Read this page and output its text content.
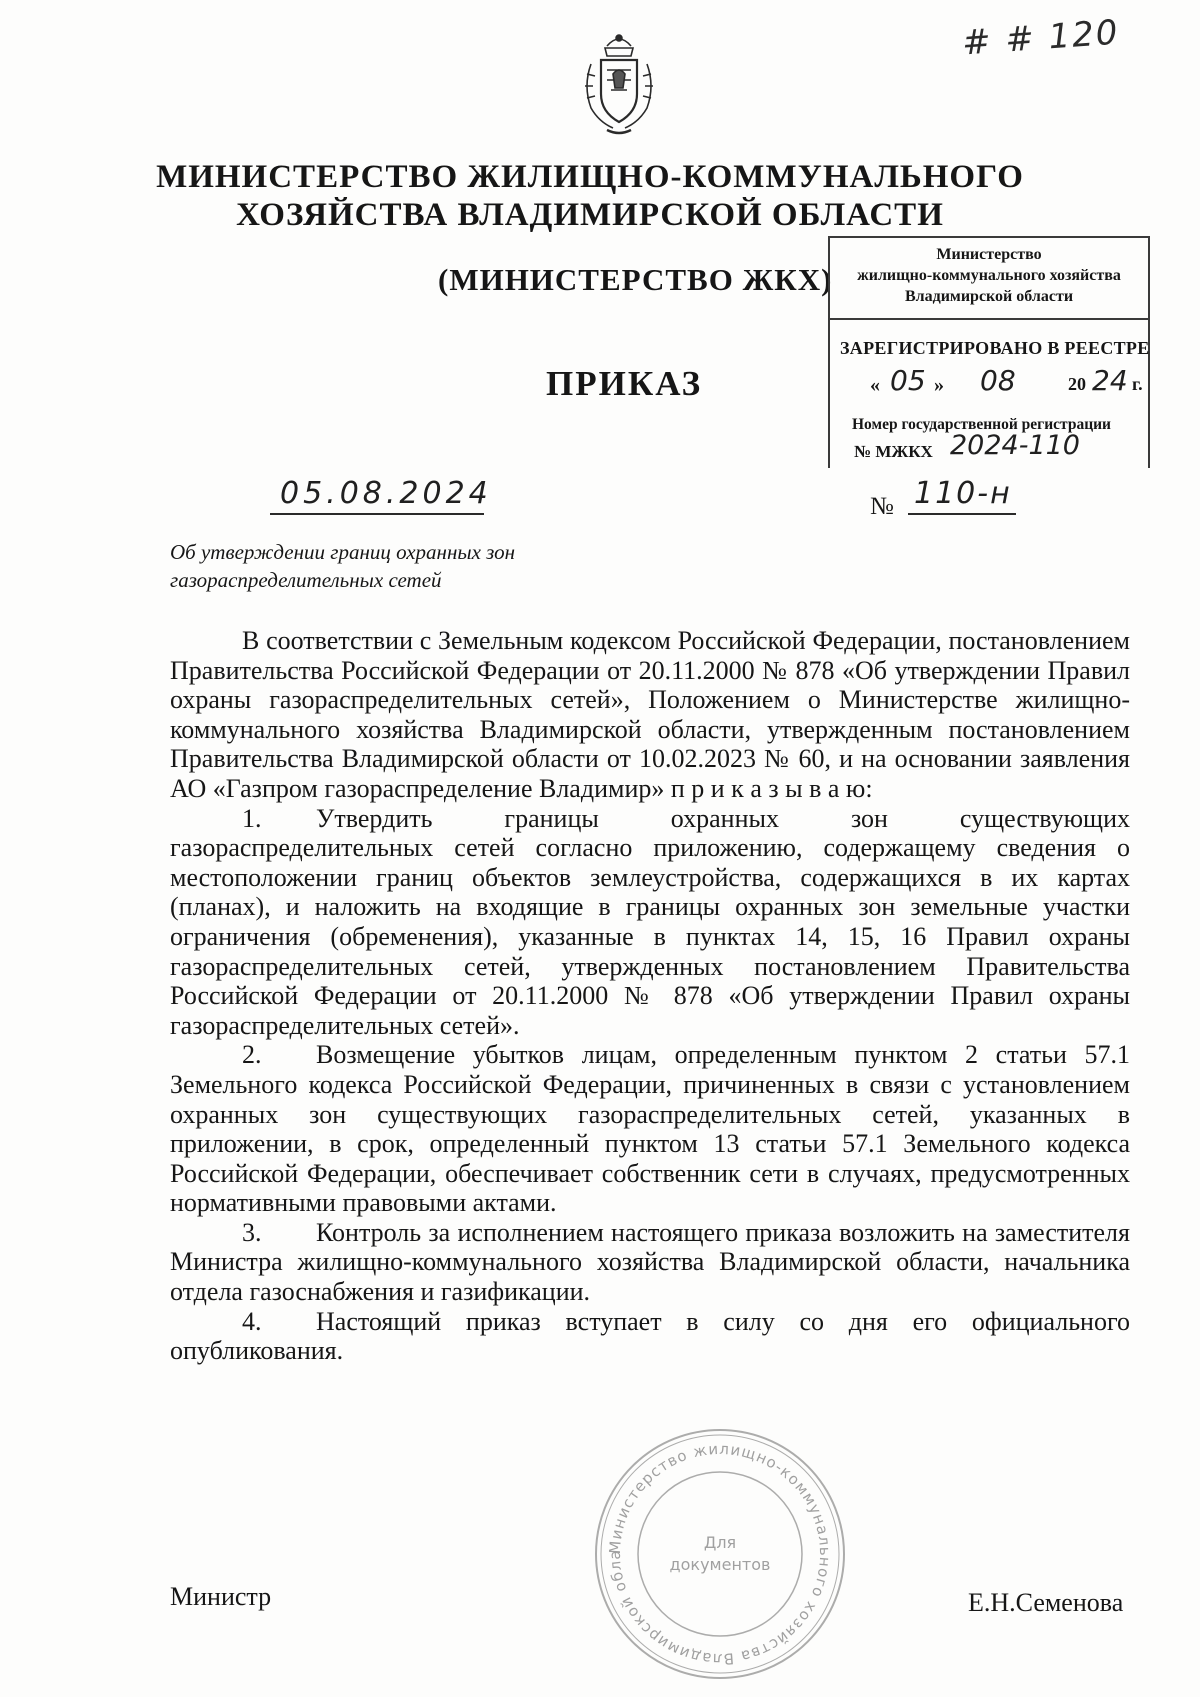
# # 120
МИНИСТЕРСТВО ЖИЛИЩНО-КОММУНАЛЬНОГО
ХОЗЯЙСТВА ВЛАДИМИРСКОЙ ОБЛАСТИ
(МИНИСТЕРСТВО ЖКХ)
ПРИКАЗ
Министерство
жилищно-коммунального хозяйства
Владимирской области
ЗАРЕГИСТРИРОВАНО В РЕЕСТРЕ
« 05 » 08	20 24 г.
Номер государственной регистрации
№ МЖКХ 2024-110
05.08.2024	№ 110-н
Об утверждении границ охранных зон
газораспределительных сетей

В соответствии с Земельным кодексом Российской Федерации, постановлением Правительства Российской Федерации от 20.11.2000 № 878 «Об утверждении Правил охраны газораспределительных сетей», Положением о Министерстве жилищно-коммунального хозяйства Владимирской области, утвержденным постановлением Правительства Владимирской области от 10.02.2023 № 60, и на основании заявления АО «Газпром газораспределение Владимир» п р и к а з ы в а ю:

1. Утвердить границы охранных зон существующих газораспределительных сетей согласно приложению, содержащему сведения о местоположении границ объектов землеустройства, содержащихся в их картах (планах), и наложить на входящие в границы охранных зон земельные участки ограничения (обременения), указанные в пунктах 14, 15, 16 Правил охраны газораспределительных сетей, утвержденных постановлением Правительства Российской Федерации от 20.11.2000 № 878 «Об утверждении Правил охраны газораспределительных сетей».

2. Возмещение убытков лицам, определенным пунктом 2 статьи 57.1 Земельного кодекса Российской Федерации, причиненных в связи с установлением охранных зон существующих газораспределительных сетей, указанных в приложении, в срок, определенный пунктом 13 статьи 57.1 Земельного кодекса Российской Федерации, обеспечивает собственник сети в случаях, предусмотренных нормативными правовыми актами.

3. Контроль за исполнением настоящего приказа возложить на заместителя Министра жилищно-коммунального хозяйства Владимирской области, начальника отдела газоснабжения и газификации.

4. Настоящий приказ вступает в силу со дня его официального опубликования.

Министерство жилищно-коммунального хозяйства Владимирской обла
Для
документов
Министр	Е.Н.Семенова
